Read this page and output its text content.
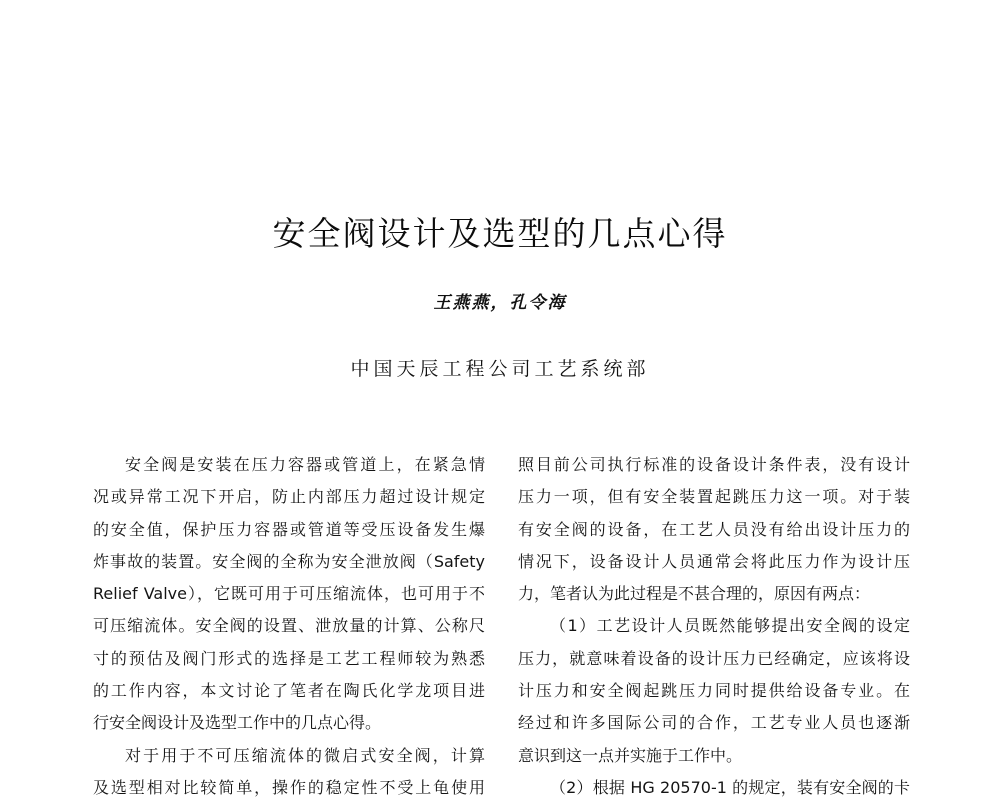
安全阀设计及选型的几点心得
王燕燕，孔令海
中国天辰工程公司工艺系统部
安全阀是安装在压力容器或管道上，在紧急情
况或异常工况下开启，防止内部压力超过设计规定
的安全值，保护压力容器或管道等受压设备发生爆
炸事故的装置。安全阀的全称为安全泄放阀（Safety
Relief Valve），它既可用于可压缩流体，也可用于不
可压缩流体。安全阀的设置、泄放量的计算、公称尺
寸的预估及阀门形式的选择是工艺工程师较为熟悉
的工作内容，本文讨论了笔者在陶氏化学龙项目进
行安全阀设计及选型工作中的几点心得。
对于用于不可压缩流体的微启式安全阀，计算
及选型相对比较简单，操作的稳定性不受上龟使用
照目前公司执行标准的设备设计条件表，没有设计
压力一项，但有安全装置起跳压力这一项。对于装
有安全阀的设备，在工艺人员没有给出设计压力的
情况下，设备设计人员通常会将此压力作为设计压
力，笔者认为此过程是不甚合理的，原因有两点：
（1）工艺设计人员既然能够提出安全阀的设定
压力，就意味着设备的设计压力已经确定，应该将设
计压力和安全阀起跳压力同时提供给设备专业。在
经过和许多国际公司的合作，工艺专业人员也逐渐
意识到这一点并实施于工作中。
（2）根据 HG 20570-1 的规定，装有安全阀的卡
